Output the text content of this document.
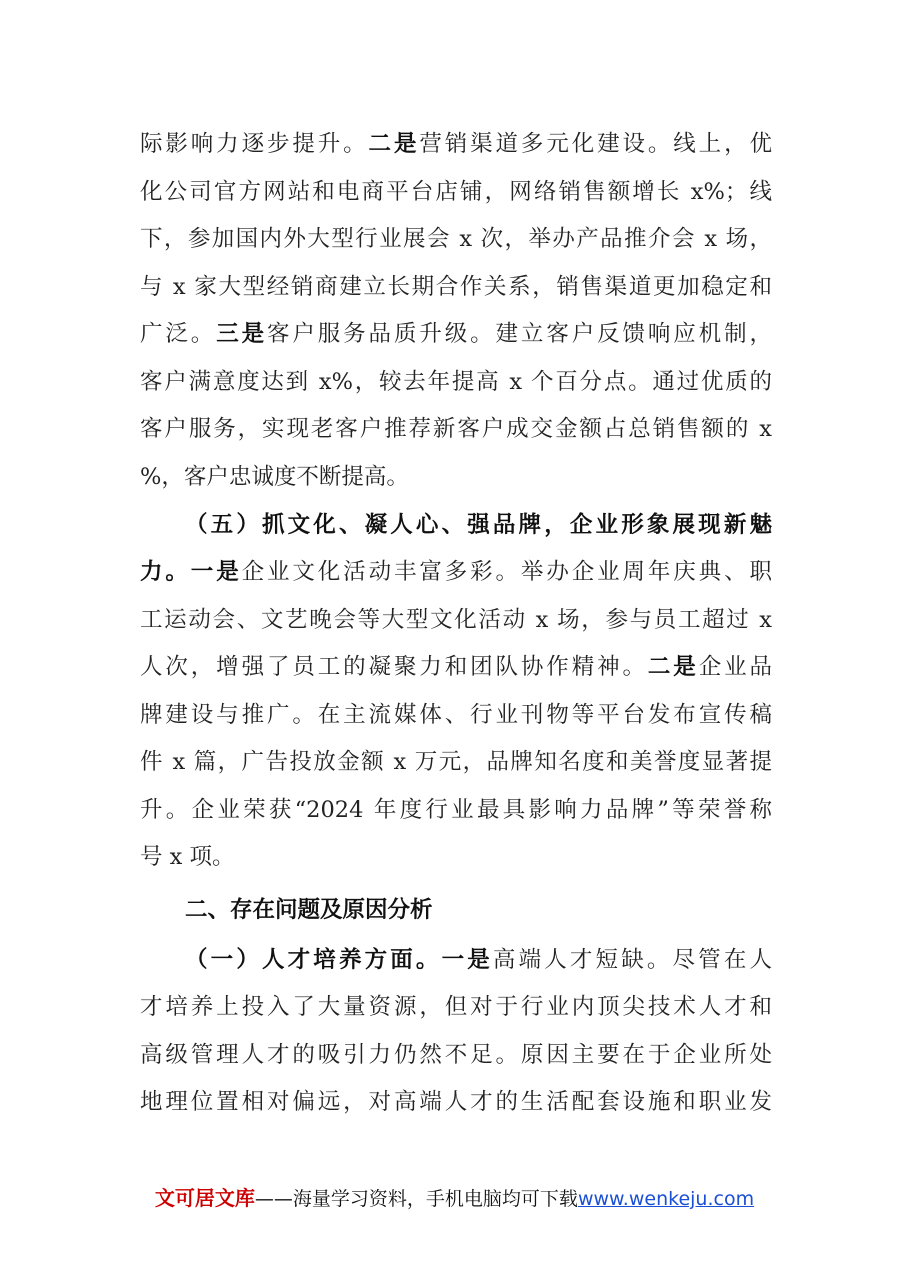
际影响力逐步提升。二是营销渠道多元化建设。线上，优
化公司官方网站和电商平台店铺，网络销售额增长 x%；线
下，参加国内外大型行业展会 x 次，举办产品推介会 x 场，
与 x 家大型经销商建立长期合作关系，销售渠道更加稳定和
广泛。三是客户服务品质升级。建立客户反馈响应机制，
客户满意度达到 x%，较去年提高 x 个百分点。通过优质的
客户服务，实现老客户推荐新客户成交金额占总销售额的 x
%，客户忠诚度不断提高。
（五）抓文化、凝人心、强品牌，企业形象展现新魅
力。一是企业文化活动丰富多彩。举办企业周年庆典、职
工运动会、文艺晚会等大型文化活动 x 场，参与员工超过 x
人次，增强了员工的凝聚力和团队协作精神。二是企业品
牌建设与推广。在主流媒体、行业刊物等平台发布宣传稿
件 x 篇，广告投放金额 x 万元，品牌知名度和美誉度显著提
升。企业荣获“2024 年度行业最具影响力品牌”等荣誉称
号 x 项。
二、存在问题及原因分析
（一）人才培养方面。一是高端人才短缺。尽管在人
才培养上投入了大量资源，但对于行业内顶尖技术人才和
高级管理人才的吸引力仍然不足。原因主要在于企业所处
地理位置相对偏远，对高端人才的生活配套设施和职业发
文可居文库——海量学习资料，手机电脑均可下载www.wenkeju.com
